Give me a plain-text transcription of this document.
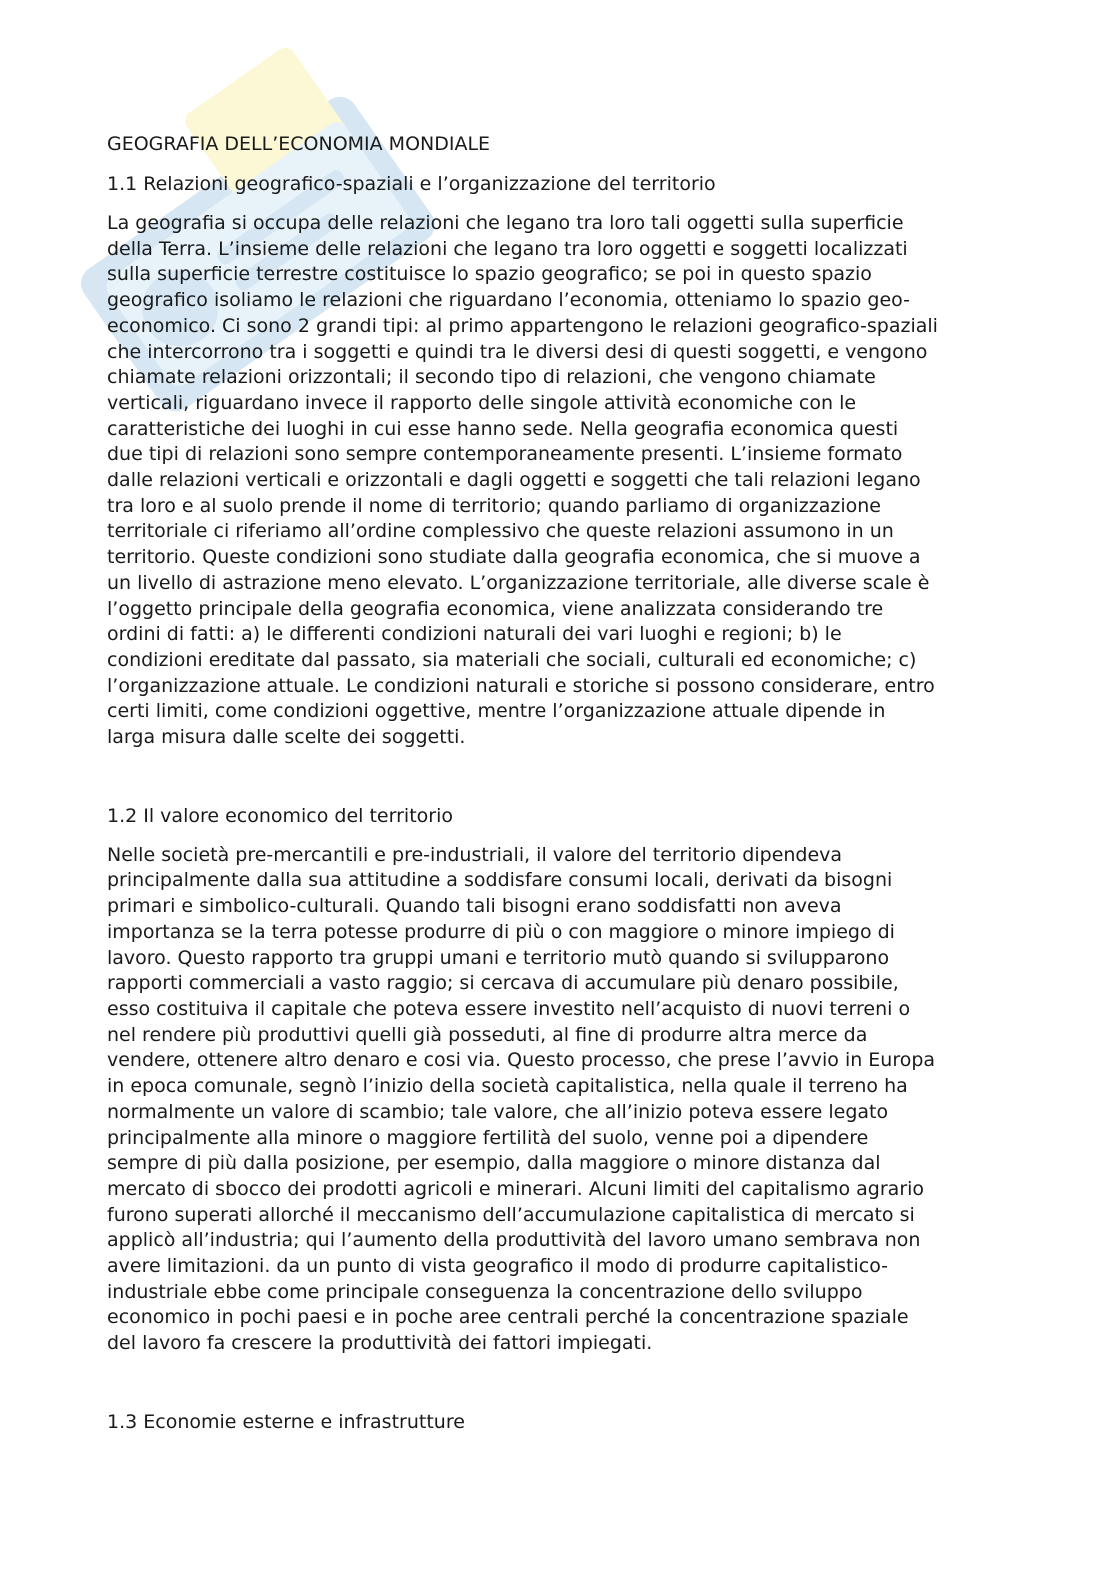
GEOGRAFIA DELL’ECONOMIA MONDIALE
1.1 Relazioni geografico-spaziali e l’organizzazione del territorio
La geografia si occupa delle relazioni che legano tra loro tali oggetti sulla superficie
della Terra. L’insieme delle relazioni che legano tra loro oggetti e soggetti localizzati
sulla superficie terrestre costituisce lo spazio geografico; se poi in questo spazio
geografico isoliamo le relazioni che riguardano l’economia, otteniamo lo spazio geo-
economico. Ci sono 2 grandi tipi: al primo appartengono le relazioni geografico-spaziali
che intercorrono tra i soggetti e quindi tra le diversi desi di questi soggetti, e vengono
chiamate relazioni orizzontali; il secondo tipo di relazioni, che vengono chiamate
verticali, riguardano invece il rapporto delle singole attività economiche con le
caratteristiche dei luoghi in cui esse hanno sede. Nella geografia economica questi
due tipi di relazioni sono sempre contemporaneamente presenti. L’insieme formato
dalle relazioni verticali e orizzontali e dagli oggetti e soggetti che tali relazioni legano
tra loro e al suolo prende il nome di territorio; quando parliamo di organizzazione
territoriale ci riferiamo all’ordine complessivo che queste relazioni assumono in un
territorio. Queste condizioni sono studiate dalla geografia economica, che si muove a
un livello di astrazione meno elevato. L’organizzazione territoriale, alle diverse scale è
l’oggetto principale della geografia economica, viene analizzata considerando tre
ordini di fatti: a) le differenti condizioni naturali dei vari luoghi e regioni; b) le
condizioni ereditate dal passato, sia materiali che sociali, culturali ed economiche; c)
l’organizzazione attuale. Le condizioni naturali e storiche si possono considerare, entro
certi limiti, come condizioni oggettive, mentre l’organizzazione attuale dipende in
larga misura dalle scelte dei soggetti.
1.2 Il valore economico del territorio
Nelle società pre-mercantili e pre-industriali, il valore del territorio dipendeva
principalmente dalla sua attitudine a soddisfare consumi locali, derivati da bisogni
primari e simbolico-culturali. Quando tali bisogni erano soddisfatti non aveva
importanza se la terra potesse produrre di più o con maggiore o minore impiego di
lavoro. Questo rapporto tra gruppi umani e territorio mutò quando si svilupparono
rapporti commerciali a vasto raggio; si cercava di accumulare più denaro possibile,
esso costituiva il capitale che poteva essere investito nell’acquisto di nuovi terreni o
nel rendere più produttivi quelli già posseduti, al fine di produrre altra merce da
vendere, ottenere altro denaro e cosi via. Questo processo, che prese l’avvio in Europa
in epoca comunale, segnò l’inizio della società capitalistica, nella quale il terreno ha
normalmente un valore di scambio; tale valore, che all’inizio poteva essere legato
principalmente alla minore o maggiore fertilità del suolo, venne poi a dipendere
sempre di più dalla posizione, per esempio, dalla maggiore o minore distanza dal
mercato di sbocco dei prodotti agricoli e minerari. Alcuni limiti del capitalismo agrario
furono superati allorché il meccanismo dell’accumulazione capitalistica di mercato si
applicò all’industria; qui l’aumento della produttività del lavoro umano sembrava non
avere limitazioni. da un punto di vista geografico il modo di produrre capitalistico-
industriale ebbe come principale conseguenza la concentrazione dello sviluppo
economico in pochi paesi e in poche aree centrali perché la concentrazione spaziale
del lavoro fa crescere la produttività dei fattori impiegati.
1.3 Economie esterne e infrastrutture
